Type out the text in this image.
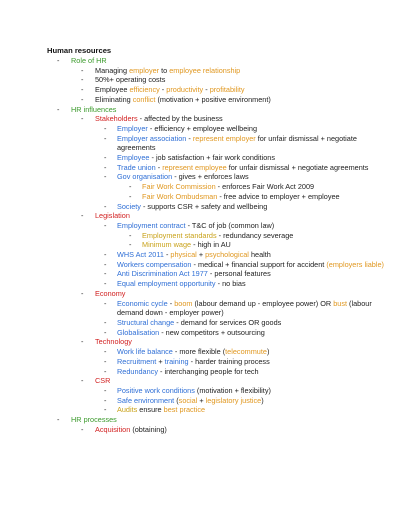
Human resources
- Role of HR
- Managing employer to employee relationship
- 50%+ operating costs
- Employee efficiency - productivity - profitability
- Eliminating conflict (motivation + positive environment)
- HR influences
- Stakeholders - affected by the business
- Employer - efficiency + employee wellbeing
- Employer association - represent employer for unfair dismissal + negotiate agreements
- Employee - job satisfaction + fair work conditions
- Trade union - represent employee for unfair dismissal + negotiate agreements
- Gov organisation - gives + enforces laws
- Fair Work Commission - enforces Fair Work Act 2009
- Fair Work Ombudsman - free advice to employer + employee
- Society - supports CSR + safety and wellbeing
- Legislation
- Employment contract - T&C of job (common law)
- Employment standards - redundancy severage
- Minimum wage - high in AU
- WHS Act 2011 - physical + psychological health
- Workers compensation - medical + financial support for accident (employers liable)
- Anti Discrimination Act 1977 - personal features
- Equal employment opportunity - no bias
- Economy
- Economic cycle - boom (labour demand up - employee power) OR bust (labour demand down - employer power)
- Structural change - demand for services OR goods
- Globalisation - new competitors + outsourcing
- Technology
- Work life balance - more flexible (telecommute)
- Recruitment + training - harder training process
- Redundancy - interchanging people for tech
- CSR
- Positive work conditions (motivation + flexibility)
- Safe environment (social + legislatory justice)
- Audits ensure best practice
- HR processes
- Acquisition (obtaining)
